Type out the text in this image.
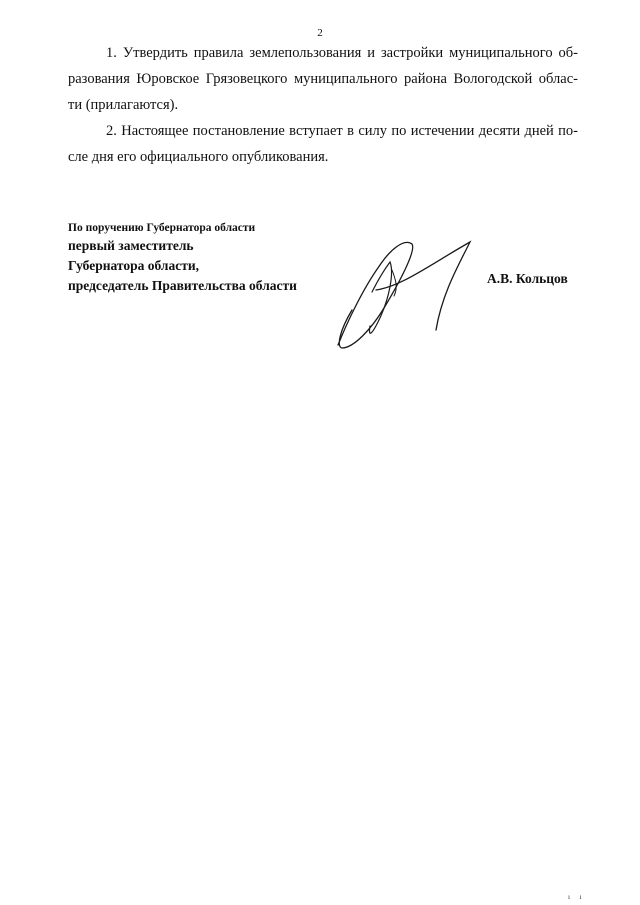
2

1. Утвердить правила землепользования и застройки муниципального об-
разования Юровское Грязовецкого муниципального района Вологодской облас-
ти (прилагаются).

2. Настоящее постановление вступает в силу по истечении десяти дней по-
сле дня его официального опубликования.

По поручению Губернатора области
первый заместитель
Губернатора области,
председатель Правительства области	А.В. Кольцов
ı ı
